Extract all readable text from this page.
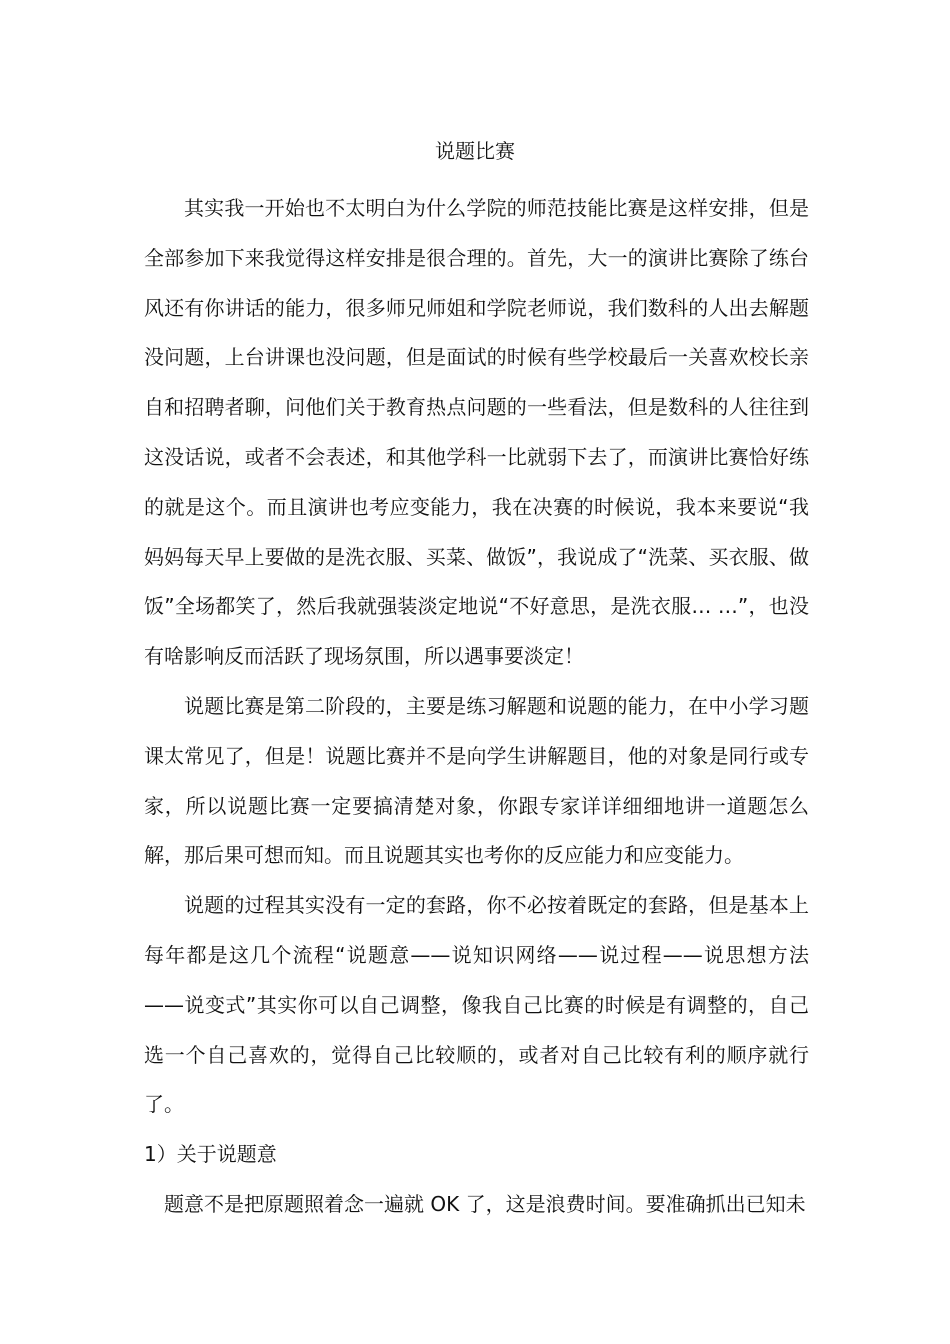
说题比赛

其实我一开始也不太明白为什么学院的师范技能比赛是这样安排，但是全部参加下来我觉得这样安排是很合理的。首先，大一的演讲比赛除了练台风还有你讲话的能力，很多师兄师姐和学院老师说，我们数科的人出去解题没问题，上台讲课也没问题，但是面试的时候有些学校最后一关喜欢校长亲自和招聘者聊，问他们关于教育热点问题的一些看法，但是数科的人往往到这没话说，或者不会表述，和其他学科一比就弱下去了，而演讲比赛恰好练的就是这个。而且演讲也考应变能力，我在决赛的时候说，我本来要说“我妈妈每天早上要做的是洗衣服、买菜、做饭”，我说成了“洗菜、买衣服、做饭”全场都笑了，然后我就强装淡定地说“不好意思，是洗衣服… …”，也没有啥影响反而活跃了现场氛围，所以遇事要淡定！

说题比赛是第二阶段的，主要是练习解题和说题的能力，在中小学习题课太常见了，但是！说题比赛并不是向学生讲解题目，他的对象是同行或专家，所以说题比赛一定要搞清楚对象，你跟专家详详细细地讲一道题怎么解，那后果可想而知。而且说题其实也考你的反应能力和应变能力。

说题的过程其实没有一定的套路，你不必按着既定的套路，但是基本上每年都是这几个流程“说题意——说知识网络——说过程——说思想方法——说变式”其实你可以自己调整，像我自己比赛的时候是有调整的，自己选一个自己喜欢的，觉得自己比较顺的，或者对自己比较有利的顺序就行了。

1）关于说题意

题意不是把原题照着念一遍就 OK 了，这是浪费时间。要准确抓出已知未
